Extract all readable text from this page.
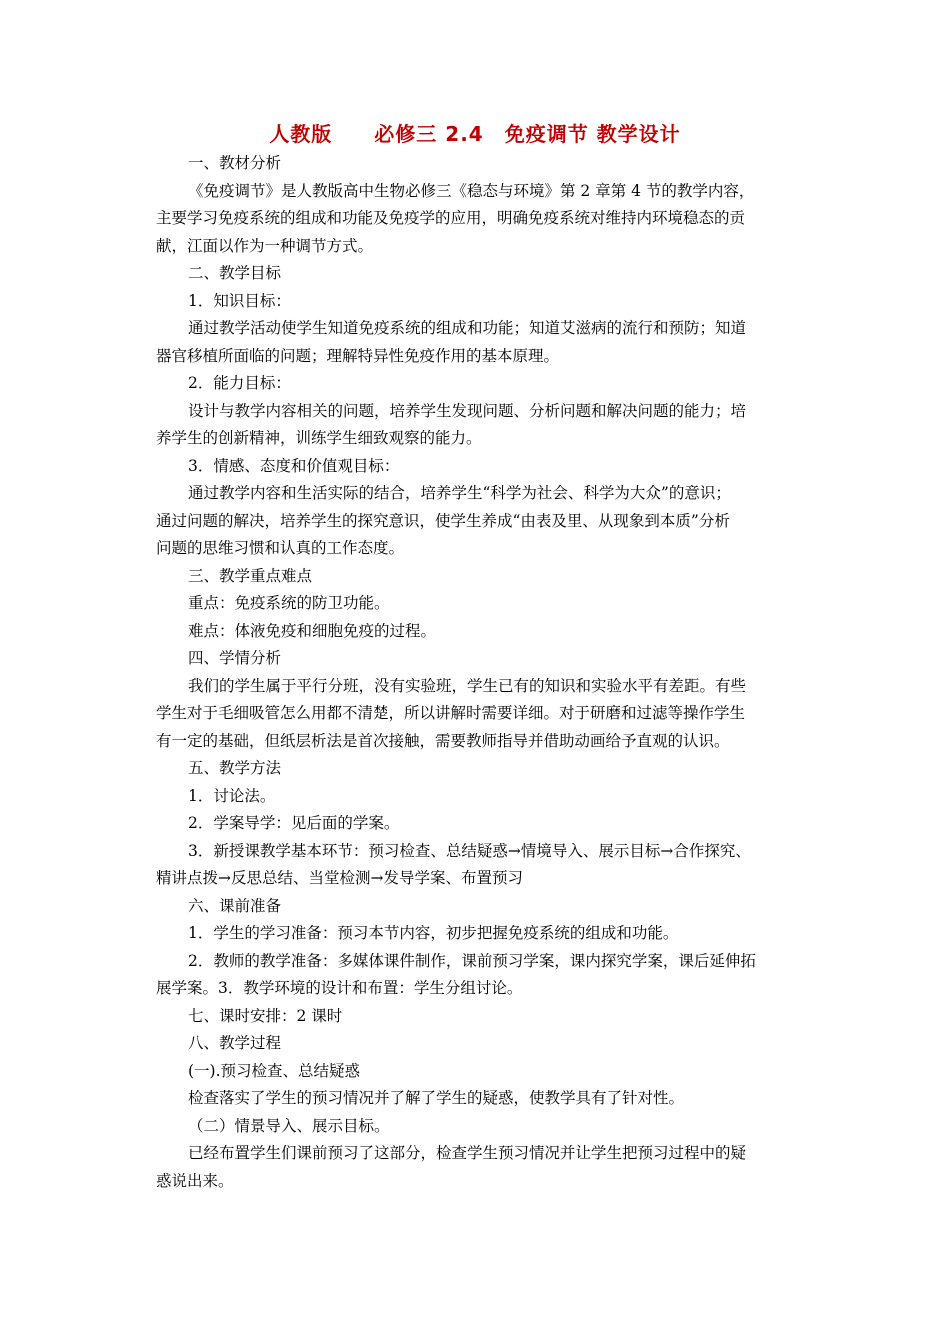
人教版　　必修三 2.4　免疫调节 教学设计
一、教材分析
《免疫调节》是人教版高中生物必修三《稳态与环境》第 2 章第 4 节的教学内容，
主要学习免疫系统的组成和功能及免疫学的应用，明确免疫系统对维持内环境稳态的贡
献，江面以作为一种调节方式。
二、教学目标
1．知识目标：
通过教学活动使学生知道免疫系统的组成和功能；知道艾滋病的流行和预防；知道
器官移植所面临的问题；理解特异性免疫作用的基本原理。
2．能力目标：
设计与教学内容相关的问题，培养学生发现问题、分析问题和解决问题的能力；培
养学生的创新精神，训练学生细致观察的能力。
3．情感、态度和价值观目标：
通过教学内容和生活实际的结合，培养学生“科学为社会、科学为大众”的意识；
通过问题的解决，培养学生的探究意识，使学生养成“由表及里、从现象到本质”分析
问题的思维习惯和认真的工作态度。
三、教学重点难点
重点：免疫系统的防卫功能。
难点：体液免疫和细胞免疫的过程。
四、学情分析
我们的学生属于平行分班，没有实验班，学生已有的知识和实验水平有差距。有些
学生对于毛细吸管怎么用都不清楚，所以讲解时需要详细。对于研磨和过滤等操作学生
有一定的基础，但纸层析法是首次接触，需要教师指导并借助动画给予直观的认识。
五、教学方法
1．讨论法。
2．学案导学：见后面的学案。
3．新授课教学基本环节：预习检查、总结疑惑→情境导入、展示目标→合作探究、
精讲点拨→反思总结、当堂检测→发导学案、布置预习
六、课前准备
1．学生的学习准备：预习本节内容，初步把握免疫系统的组成和功能。
2．教师的教学准备：多媒体课件制作，课前预习学案，课内探究学案，课后延伸拓
展学案。3．教学环境的设计和布置：学生分组讨论。
七、课时安排：2 课时
八、教学过程
(一).预习检查、总结疑惑
检查落实了学生的预习情况并了解了学生的疑惑，使教学具有了针对性。
（二）情景导入、展示目标。
已经布置学生们课前预习了这部分，检查学生预习情况并让学生把预习过程中的疑
惑说出来。
